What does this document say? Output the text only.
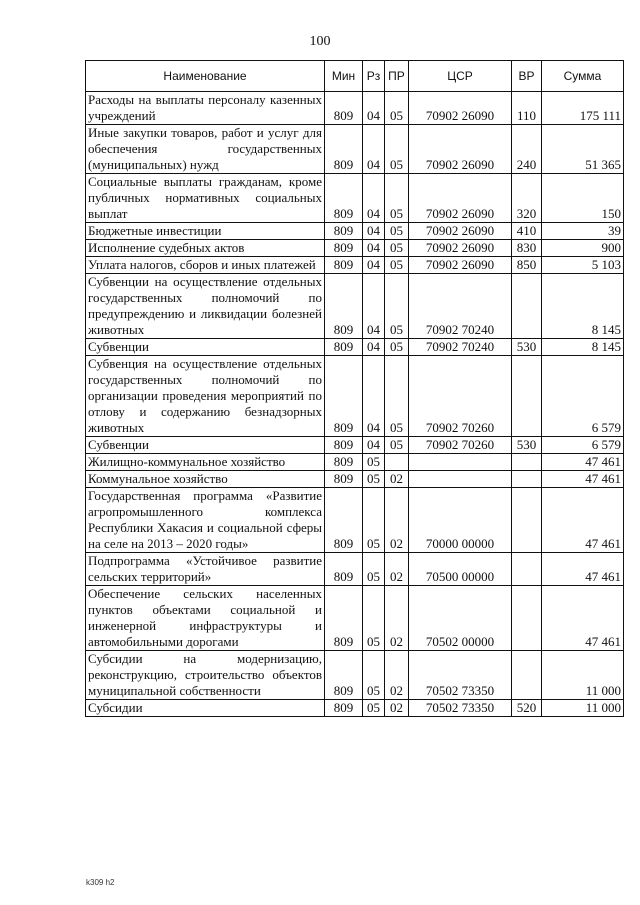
100
Наименование	Мин	Рз	ПР	ЦСР	ВР	Сумма
Расходы на выплаты персоналу казенных учреждений	809	04	05	70902 26090	110	175 111
Иные закупки товаров, работ и услуг для обеспечения государственных (муниципальных) нужд	809	04	05	70902 26090	240	51 365
Социальные выплаты гражданам, кроме публичных нормативных социальных выплат	809	04	05	70902 26090	320	150
Бюджетные инвестиции	809	04	05	70902 26090	410	39
Исполнение судебных актов	809	04	05	70902 26090	830	900
Уплата налогов, сборов и иных платежей	809	04	05	70902 26090	850	5 103
Субвенции на осуществление отдельных государственных полномочий по предупреждению и ликвидации болезней животных	809	04	05	70902 70240		8 145
Субвенции	809	04	05	70902 70240	530	8 145
Субвенция на осуществление отдельных государственных полномочий по организации проведения мероприятий по отлову и содержанию безнадзорных животных	809	04	05	70902 70260		6 579
Субвенции	809	04	05	70902 70260	530	6 579
Жилищно-коммунальное хозяйство	809	05				47 461
Коммунальное хозяйство	809	05	02			47 461
Государственная программа «Развитие агропромышленного комплекса Республики Хакасия и социальной сферы на селе на 2013 – 2020 годы»	809	05	02	70000 00000		47 461
Подпрограмма «Устойчивое развитие сельских территорий»	809	05	02	70500 00000		47 461
Обеспечение сельских населенных пунктов объектами социальной и инженерной инфраструктуры и автомобильными дорогами	809	05	02	70502 00000		47 461
Субсидии на модернизацию, реконструкцию, строительство объектов муниципальной собственности	809	05	02	70502 73350		11 000
Субсидии	809	05	02	70502 73350	520	11 000
k309 h2
